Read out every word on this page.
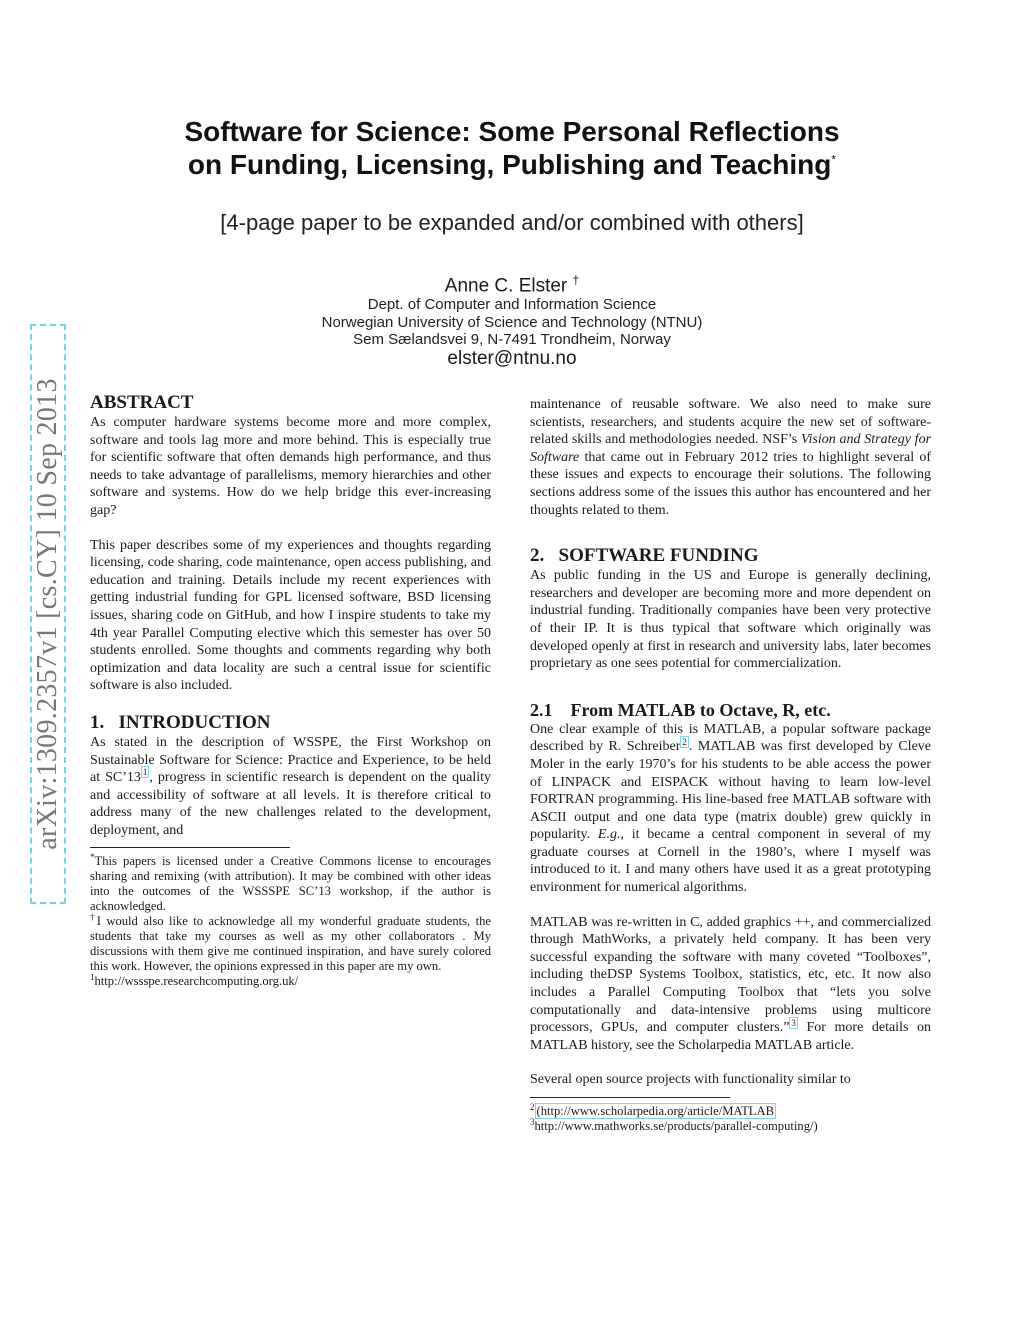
arXiv:1309.2357v1 [cs.CY] 10 Sep 2013
Software for Science: Some Personal Reflections
on Funding, Licensing, Publishing and Teaching*
[4-page paper to be expanded and/or combined with others]
Anne C. Elster †
Dept. of Computer and Information Science
Norwegian University of Science and Technology (NTNU)
Sem Sælandsvei 9, N-7491 Trondheim, Norway
elster@ntnu.no
ABSTRACT

As computer hardware systems become more and more complex, software and tools lag more and more behind. This is especially true for scientific software that often demands high performance, and thus needs to take advantage of parallelisms, memory hierarchies and other software and systems. How do we help bridge this ever-increasing gap?

This paper describes some of my experiences and thoughts regarding licensing, code sharing, code maintenance, open access publishing, and education and training. Details include my recent experiences with getting industrial funding for GPL licensed software, BSD licensing issues, sharing code on GitHub, and how I inspire students to take my 4th year Parallel Computing elective which this semester has over 50 students enrolled. Some thoughts and comments regarding why both optimization and data locality are such a central issue for scientific software is also included.

1.   INTRODUCTION

As stated in the description of WSSPE, the First Workshop on Sustainable Software for Science: Practice and Experience, to be held at SC’13 $^1$ , progress in scientific research is dependent on the quality and accessibility of software at all levels. It is therefore critical to address many of the new challenges related to the development, deployment, and

*This papers is licensed under a Creative Commons license to encourages sharing and remixing (with attribution). It may be combined with other ideas into the outcomes of the WSSSPE SC’13 workshop, if the author is acknowledged.

†I would also like to acknowledge all my wonderful graduate students, the students that take my courses as well as my other collaborators . My discussions with them give me continued inspiration, and have surely colored this work. However, the opinions expressed in this paper are my own.

$^1$http://wssspe.researchcomputing.org.uk/

maintenance of reusable software. We also need to make sure scientists, researchers, and students acquire the new set of software-related skills and methodologies needed. NSF’s Vision and Strategy for Software that came out in February 2012 tries to highlight several of these issues and expects to encourage their solutions. The following sections address some of the issues this author has encountered and her thoughts related to them.

2.   SOFTWARE FUNDING

As public funding in the US and Europe is generally declining, researchers and developer are becoming more and more dependent on industrial funding. Traditionally companies have been very protective of their IP. It is thus typical that software which originally was developed openly at first in research and university labs, later becomes proprietary as one sees potential for commercialization.

2.1    From MATLAB to Octave, R, etc.

One clear example of this is MATLAB, a popular software package described by R. Schreiber $^2$ . MATLAB was first developed by Cleve Moler in the early 1970’s for his students to be able access the power of LINPACK and EISPACK without having to learn low-level FORTRAN programming. His line-based free MATLAB software with ASCII output and one data type (matrix double) grew quickly in popularity. E.g., it became a central component in several of my graduate courses at Cornell in the 1980’s, where I myself was introduced to it. I and many others have used it as a great prototyping environment for numerical algorithms.

MATLAB was re-written in C, added graphics ++, and commercialized through MathWorks, a privately held company. It has been very successful expanding the software with many coveted “Toolboxes”, including theDSP Systems Toolbox, statistics, etc, etc. It now also includes a Parallel Computing Toolbox that “lets you solve computationally and data-intensive problems using multicore processors, GPUs, and computer clusters.” $^3$ For more details on MATLAB history, see the Scholarpedia MATLAB article.

Several open source projects with functionality similar to

$^2$ (http://www.scholarpedia.org/article/MATLAB

$^3$http://www.mathworks.se/products/parallel-computing/)
